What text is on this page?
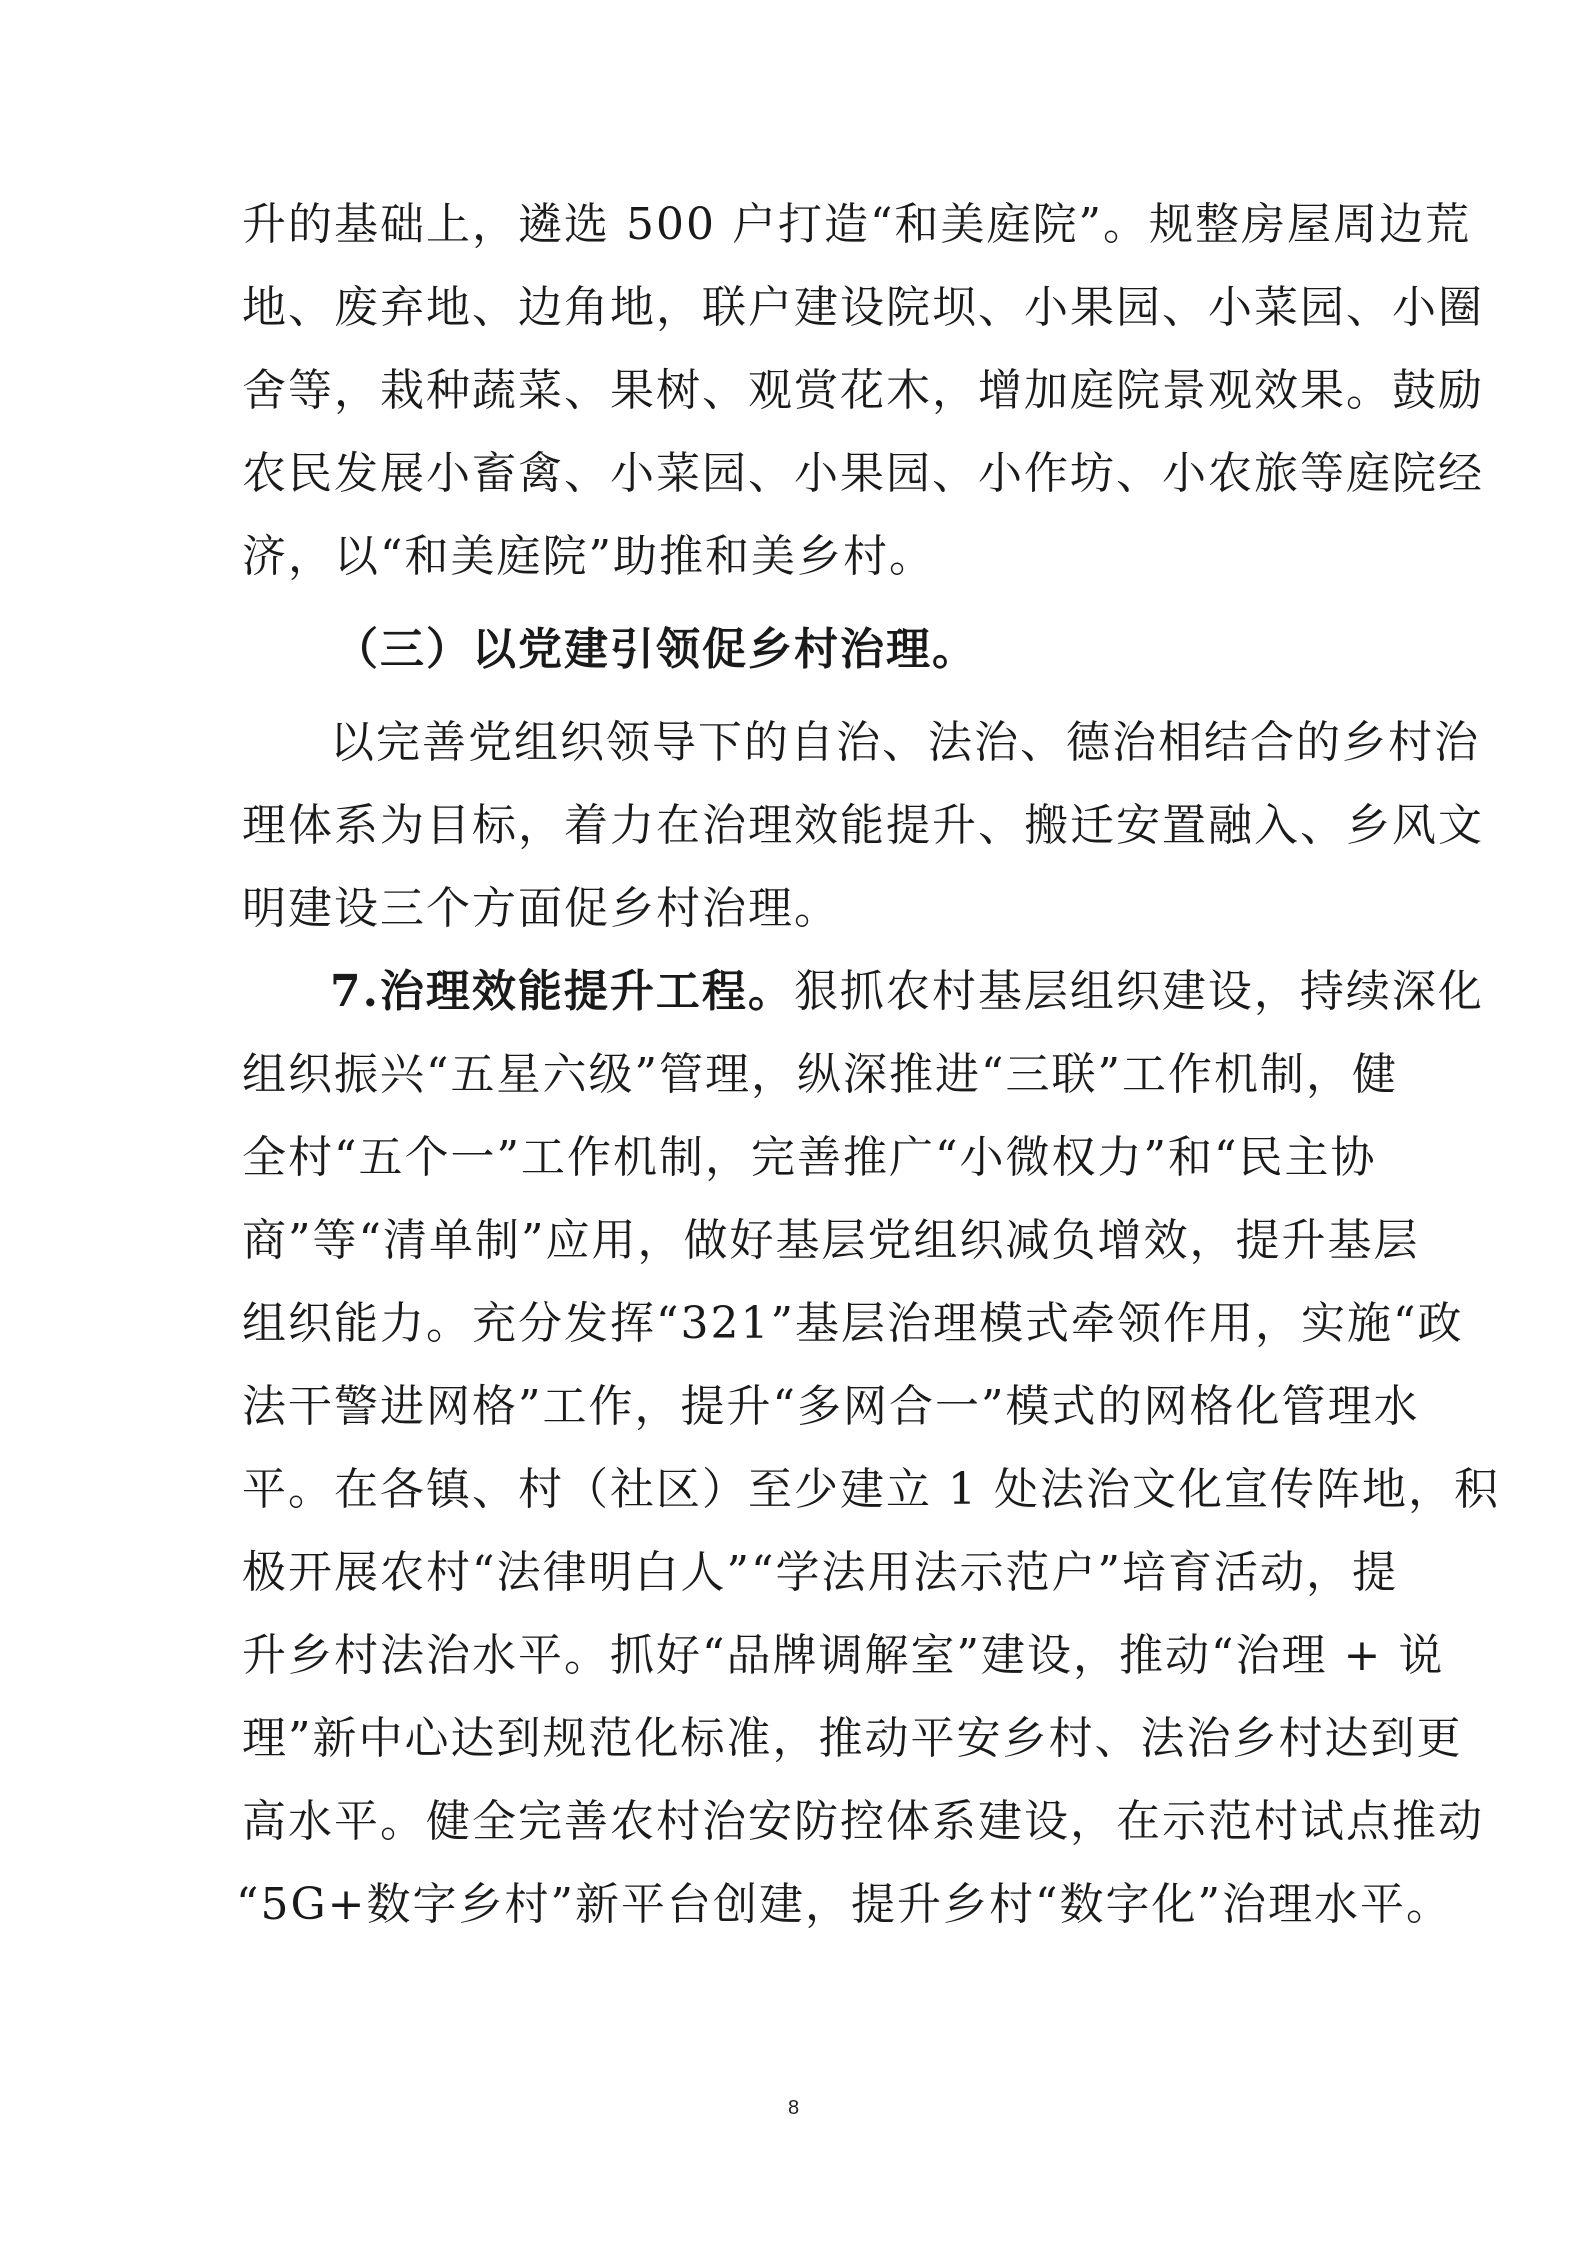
升的基础上，遴选 500 户打造“和美庭院”。规整房屋周边荒
地、废弃地、边角地，联户建设院坝、小果园、小菜园、小圈
舍等，栽种蔬菜、果树、观赏花木，增加庭院景观效果。鼓励
农民发展小畜禽、小菜园、小果园、小作坊、小农旅等庭院经
济，以“和美庭院”助推和美乡村。
（三）以党建引领促乡村治理。
以完善党组织领导下的自治、法治、德治相结合的乡村治
理体系为目标，着力在治理效能提升、搬迁安置融入、乡风文
明建设三个方面促乡村治理。
7.治理效能提升工程。狠抓农村基层组织建设，持续深化
组织振兴“五星六级”管理，纵深推进“三联”工作机制，健
全村“五个一”工作机制，完善推广“小微权力”和“民主协
商”等“清单制”应用，做好基层党组织减负增效，提升基层
组织能力。充分发挥“321”基层治理模式牵领作用，实施“政
法干警进网格”工作，提升“多网合一”模式的网格化管理水
平。在各镇、村（社区）至少建立 1 处法治文化宣传阵地，积
极开展农村“法律明白人”“学法用法示范户”培育活动，提
升乡村法治水平。抓好“品牌调解室”建设，推动“治理 + 说
理”新中心达到规范化标准，推动平安乡村、法治乡村达到更
高水平。健全完善农村治安防控体系建设，在示范村试点推动
“5G+数字乡村”新平台创建，提升乡村“数字化”治理水平。
8
